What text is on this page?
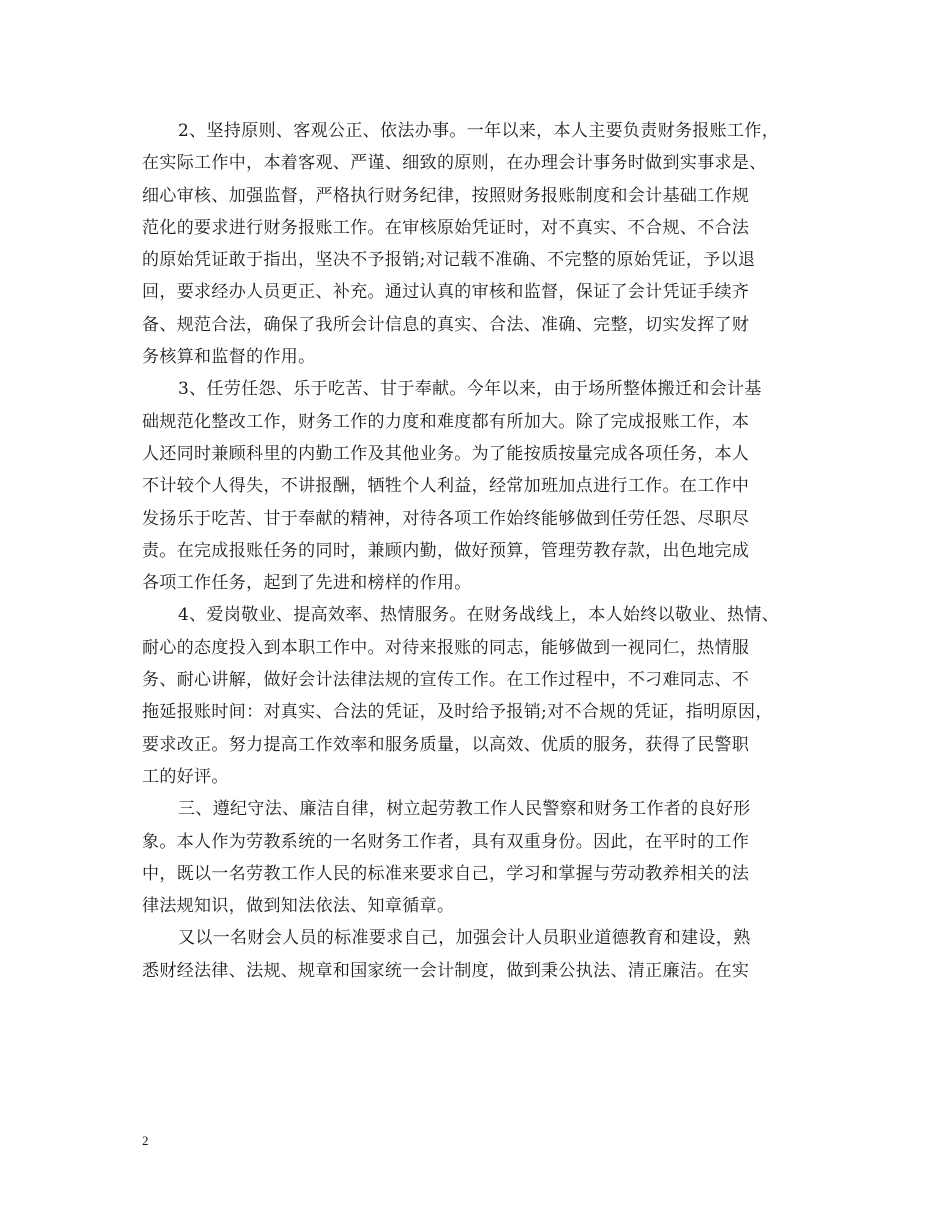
2、坚持原则、客观公正、依法办事。一年以来，本人主要负责财务报账工作，
在实际工作中，本着客观、严谨、细致的原则，在办理会计事务时做到实事求是、
细心审核、加强监督，严格执行财务纪律，按照财务报账制度和会计基础工作规
范化的要求进行财务报账工作。在审核原始凭证时，对不真实、不合规、不合法
的原始凭证敢于指出，坚决不予报销;对记载不准确、不完整的原始凭证，予以退
回，要求经办人员更正、补充。通过认真的审核和监督，保证了会计凭证手续齐
备、规范合法，确保了我所会计信息的真实、合法、准确、完整，切实发挥了财
务核算和监督的作用。
3、任劳任怨、乐于吃苦、甘于奉献。今年以来，由于场所整体搬迁和会计基
础规范化整改工作，财务工作的力度和难度都有所加大。除了完成报账工作，本
人还同时兼顾科里的内勤工作及其他业务。为了能按质按量完成各项任务，本人
不计较个人得失，不讲报酬，牺牲个人利益，经常加班加点进行工作。在工作中
发扬乐于吃苦、甘于奉献的精神，对待各项工作始终能够做到任劳任怨、尽职尽
责。在完成报账任务的同时，兼顾内勤，做好预算，管理劳教存款，出色地完成
各项工作任务，起到了先进和榜样的作用。
4、爱岗敬业、提高效率、热情服务。在财务战线上，本人始终以敬业、热情、
耐心的态度投入到本职工作中。对待来报账的同志，能够做到一视同仁，热情服
务、耐心讲解，做好会计法律法规的宣传工作。在工作过程中，不刁难同志、不
拖延报账时间：对真实、合法的凭证，及时给予报销;对不合规的凭证，指明原因，
要求改正。努力提高工作效率和服务质量，以高效、优质的服务，获得了民警职
工的好评。
三、遵纪守法、廉洁自律，树立起劳教工作人民警察和财务工作者的良好形
象。本人作为劳教系统的一名财务工作者，具有双重身份。因此，在平时的工作
中，既以一名劳教工作人民的标准来要求自己，学习和掌握与劳动教养相关的法
律法规知识，做到知法依法、知章循章。
又以一名财会人员的标准要求自己，加强会计人员职业道德教育和建设，熟
悉财经法律、法规、规章和国家统一会计制度，做到秉公执法、清正廉洁。在实
2
